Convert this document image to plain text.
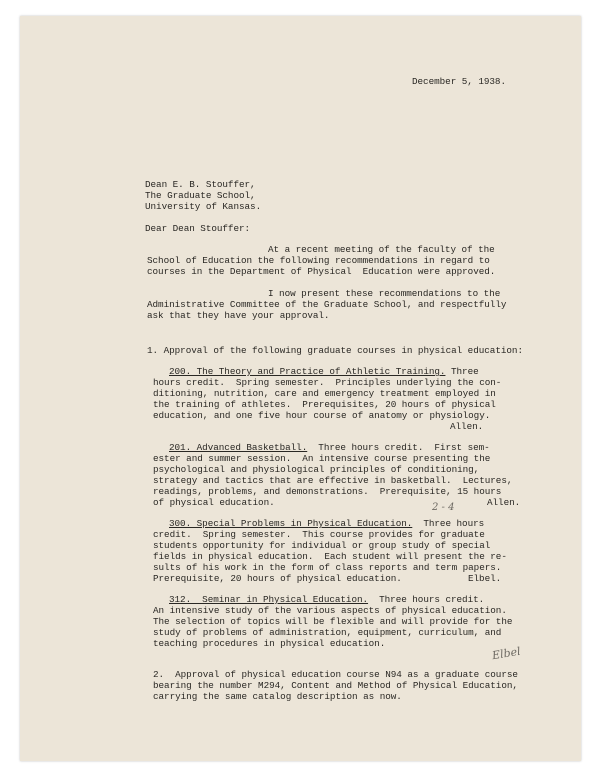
December 5, 1938.

Dean E. B. Stouffer,

The Graduate School,

University of Kansas.

Dear Dean Stouffer:

At a recent meeting of the faculty of the

School of Education the following recommendations in regard to

courses in the Department of Physical  Education were approved.

I now present these recommendations to the

Administrative Committee of the Graduate School, and respectfully

ask that they have your approval.

1. Approval of the following graduate courses in physical education:

200. The Theory and Practice of Athletic Training. Three

hours credit.  Spring semester.  Principles underlying the con-

ditioning, nutrition, care and emergency treatment employed in

the training of athletes.  Prerequisites, 20 hours of physical

education, and one five hour course of anatomy or physiology.

Allen.

201. Advanced Basketball.  Three hours credit.  First sem-

ester and summer session.  An intensive course presenting the

psychological and physiological principles of conditioning,

strategy and tactics that are effective in basketball.  Lectures,

readings, problems, and demonstrations.  Prerequisite, 15 hours

of physical education.	Allen.

2 - 4

300. Special Problems in Physical Education.  Three hours

credit.  Spring semester.  This course provides for graduate

students opportunity for individual or group study of special

fields in physical education.  Each student will present the re-

sults of his work in the form of class reports and term papers.

Prerequisite, 20 hours of physical education.	Elbel.

312.  Seminar in Physical Education.  Three hours credit.

An intensive study of the various aspects of physical education.

The selection of topics will be flexible and will provide for the

study of problems of administration, equipment, curriculum, and

teaching procedures in physical education.

Elbel

2.  Approval of physical education course N94 as a graduate course

bearing the number M294, Content and Method of Physical Education,

carrying the same catalog description as now.
